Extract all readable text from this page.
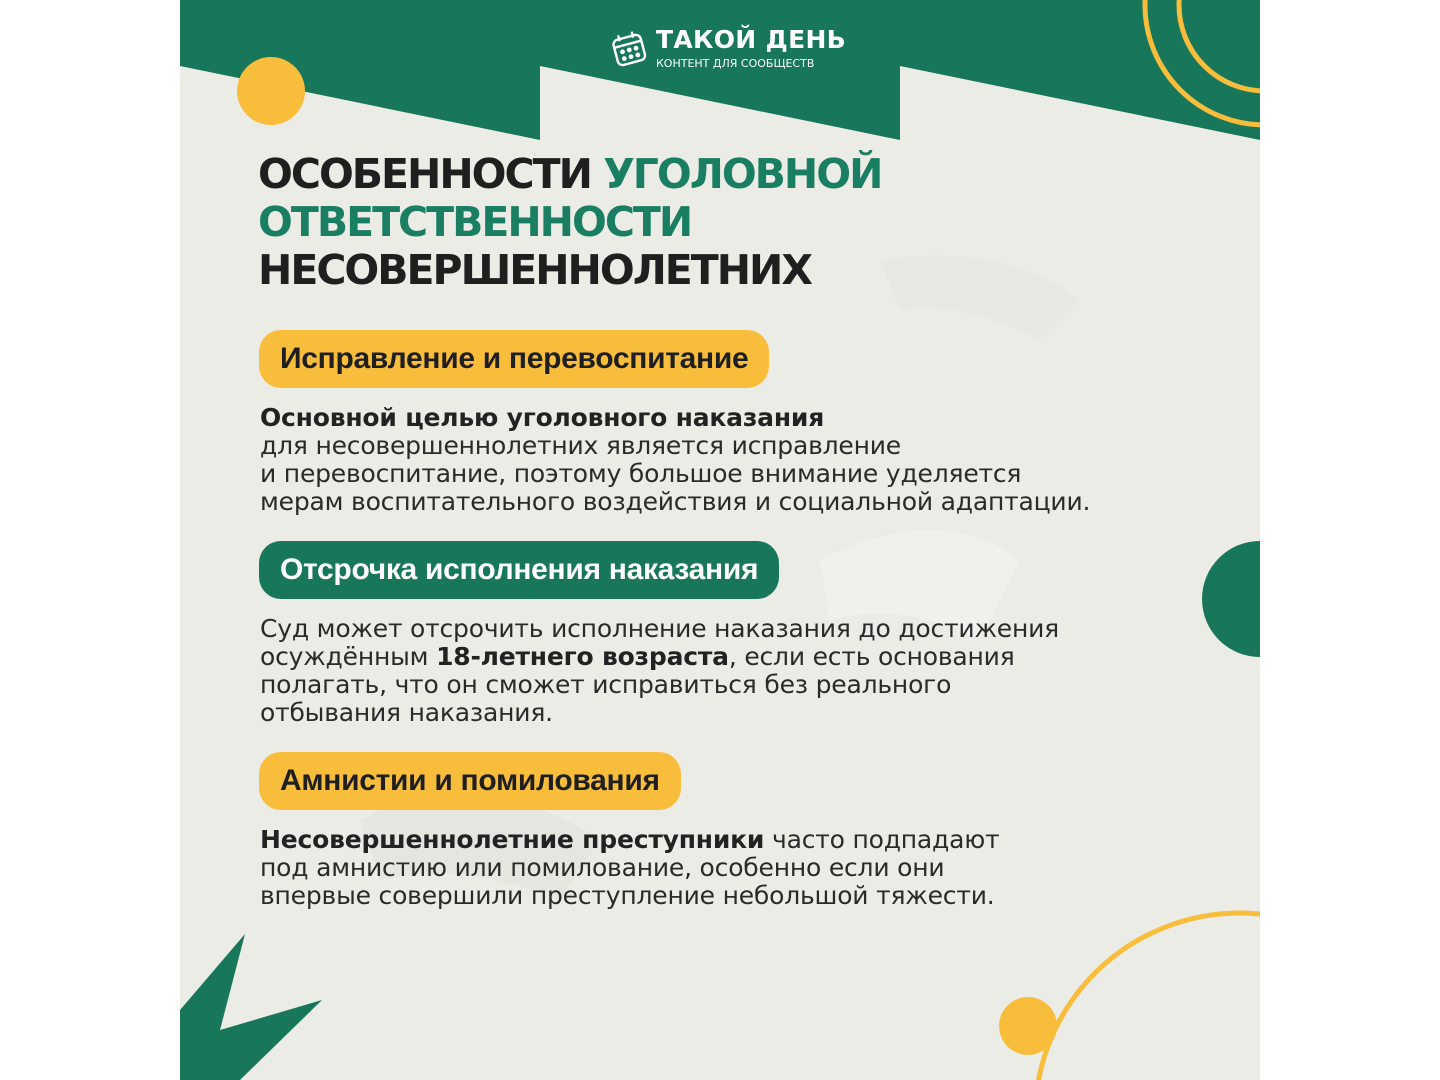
ТАКОЙ ДЕНЬ
КОНТЕНТ ДЛЯ СООБЩЕСТВ
ОСОБЕННОСТИ УГОЛОВНОЙ
ОТВЕТСТВЕННОСТИ
НЕСОВЕРШЕННОЛЕТНИХ
Исправление и перевоспитание

Основной целью уголовного наказания
для несовершеннолетних является исправление
и перевоспитание, поэтому большое внимание уделяется
мерам воспитательного воздействия и социальной адаптации.

Отсрочка исполнения наказания

Суд может отсрочить исполнение наказания до достижения
осуждённым 18-летнего возраста, если есть основания
полагать, что он сможет исправиться без реального
отбывания наказания.

Амнистии и помилования

Несовершеннолетние преступники часто подпадают
под амнистию или помилование, особенно если они
впервые совершили преступление небольшой тяжести.
